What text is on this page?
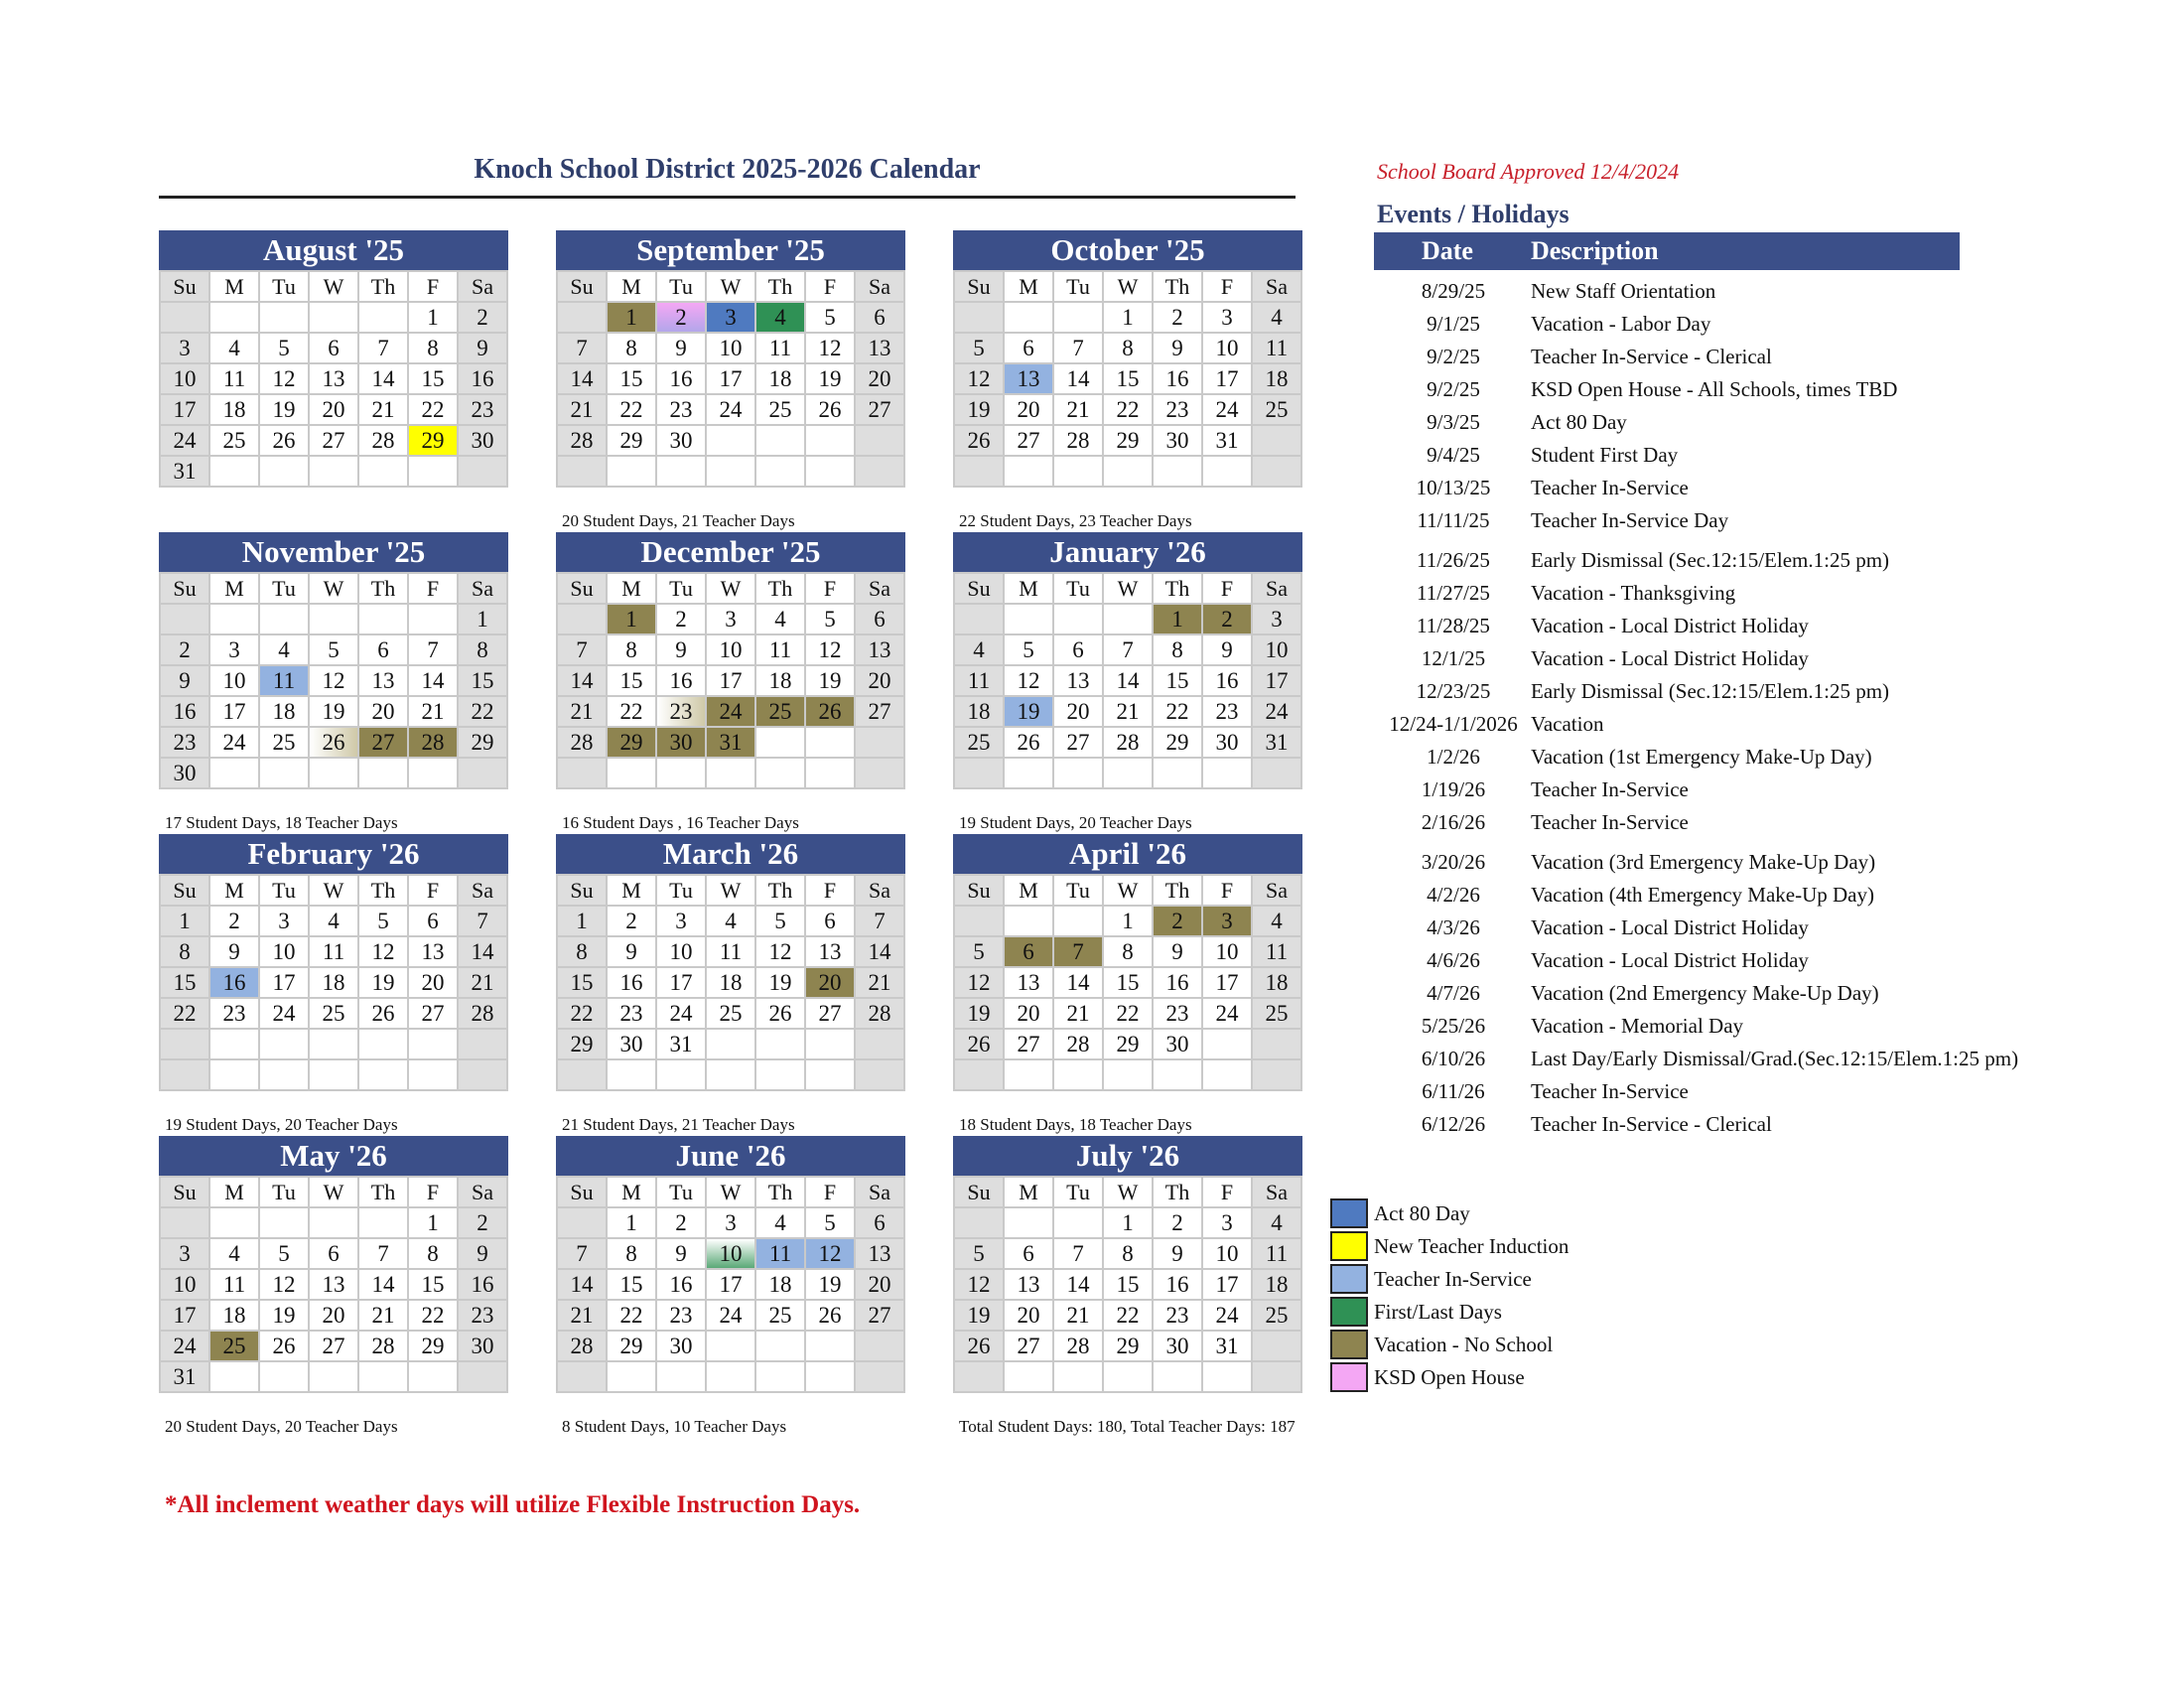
Knoch School District 2025-2026 Calendar	School Board Approved 12/4/2024
Events / Holidays
August '25
Su	M	Tu	W	Th	F	Sa
					1	2
3	4	5	6	7	8	9
10	11	12	13	14	15	16
17	18	19	20	21	22	23
24	25	26	27	28	29	30
31						
September '25
Su	M	Tu	W	Th	F	Sa
	1	2	3	4	5	6
7	8	9	10	11	12	13
14	15	16	17	18	19	20
21	22	23	24	25	26	27
28	29	30				

October '25
Su	M	Tu	W	Th	F	Sa
			1	2	3	4
5	6	7	8	9	10	11
12	13	14	15	16	17	18
19	20	21	22	23	24	25
26	27	28	29	30	31	

November '25
Su	M	Tu	W	Th	F	Sa
						1
2	3	4	5	6	7	8
9	10	11	12	13	14	15
16	17	18	19	20	21	22
23	24	25	26	27	28	29
30						
December '25
Su	M	Tu	W	Th	F	Sa
	1	2	3	4	5	6
7	8	9	10	11	12	13
14	15	16	17	18	19	20
21	22	23	24	25	26	27
28	29	30	31			

January '26
Su	M	Tu	W	Th	F	Sa
				1	2	3
4	5	6	7	8	9	10
11	12	13	14	15	16	17
18	19	20	21	22	23	24
25	26	27	28	29	30	31

February '26
Su	M	Tu	W	Th	F	Sa
1	2	3	4	5	6	7
8	9	10	11	12	13	14
15	16	17	18	19	20	21
22	23	24	25	26	27	28

March '26
Su	M	Tu	W	Th	F	Sa
1	2	3	4	5	6	7
8	9	10	11	12	13	14
15	16	17	18	19	20	21
22	23	24	25	26	27	28
29	30	31				

April '26
Su	M	Tu	W	Th	F	Sa
			1	2	3	4
5	6	7	8	9	10	11
12	13	14	15	16	17	18
19	20	21	22	23	24	25
26	27	28	29	30		

May '26
Su	M	Tu	W	Th	F	Sa
					1	2
3	4	5	6	7	8	9
10	11	12	13	14	15	16
17	18	19	20	21	22	23
24	25	26	27	28	29	30
31						
June '26
Su	M	Tu	W	Th	F	Sa
	1	2	3	4	5	6
7	8	9	10	11	12	13
14	15	16	17	18	19	20
21	22	23	24	25	26	27
28	29	30				

July '26
Su	M	Tu	W	Th	F	Sa
			1	2	3	4
5	6	7	8	9	10	11
12	13	14	15	16	17	18
19	20	21	22	23	24	25
26	27	28	29	30	31	

20 Student Days, 21 Teacher Days	22 Student Days, 23 Teacher Days
17 Student Days, 18 Teacher Days	16 Student Days , 16 Teacher Days	19 Student Days, 20 Teacher Days
19 Student Days, 20 Teacher Days	21 Student Days, 21 Teacher Days	18 Student Days, 18 Teacher Days
20 Student Days, 20 Teacher Days	8 Student Days, 10 Teacher Days	Total Student Days: 180, Total Teacher Days: 187
Date Description
8/29/25	New Staff Orientation
9/1/25	Vacation - Labor Day
9/2/25	Teacher In-Service - Clerical
9/2/25	KSD Open House - All Schools, times TBD
9/3/25	Act 80 Day
9/4/25	Student First Day
10/13/25	Teacher In-Service
11/11/25	Teacher In-Service Day
11/26/25	Early Dismissal (Sec.12:15/Elem.1:25 pm)
11/27/25	Vacation - Thanksgiving
11/28/25	Vacation - Local District Holiday
12/1/25	Vacation - Local District Holiday
12/23/25	Early Dismissal (Sec.12:15/Elem.1:25 pm)
12/24-1/1/2026 Vacation
1/2/26	Vacation (1st Emergency Make-Up Day)
1/19/26	Teacher In-Service
2/16/26	Teacher In-Service
3/20/26	Vacation (3rd Emergency Make-Up Day)
4/2/26	Vacation (4th Emergency Make-Up Day)
4/3/26	Vacation - Local District Holiday
4/6/26	Vacation - Local District Holiday
4/7/26	Vacation (2nd Emergency Make-Up Day)
5/25/26	Vacation - Memorial Day
6/10/26	Last Day/Early Dismissal/Grad.(Sec.12:15/Elem.1:25 pm)
6/11/26	Teacher In-Service
6/12/26	Teacher In-Service - Clerical
Act 80 Day
New Teacher Induction
Teacher In-Service
First/Last Days
Vacation - No School
KSD Open House
*All inclement weather days will utilize Flexible Instruction Days.
